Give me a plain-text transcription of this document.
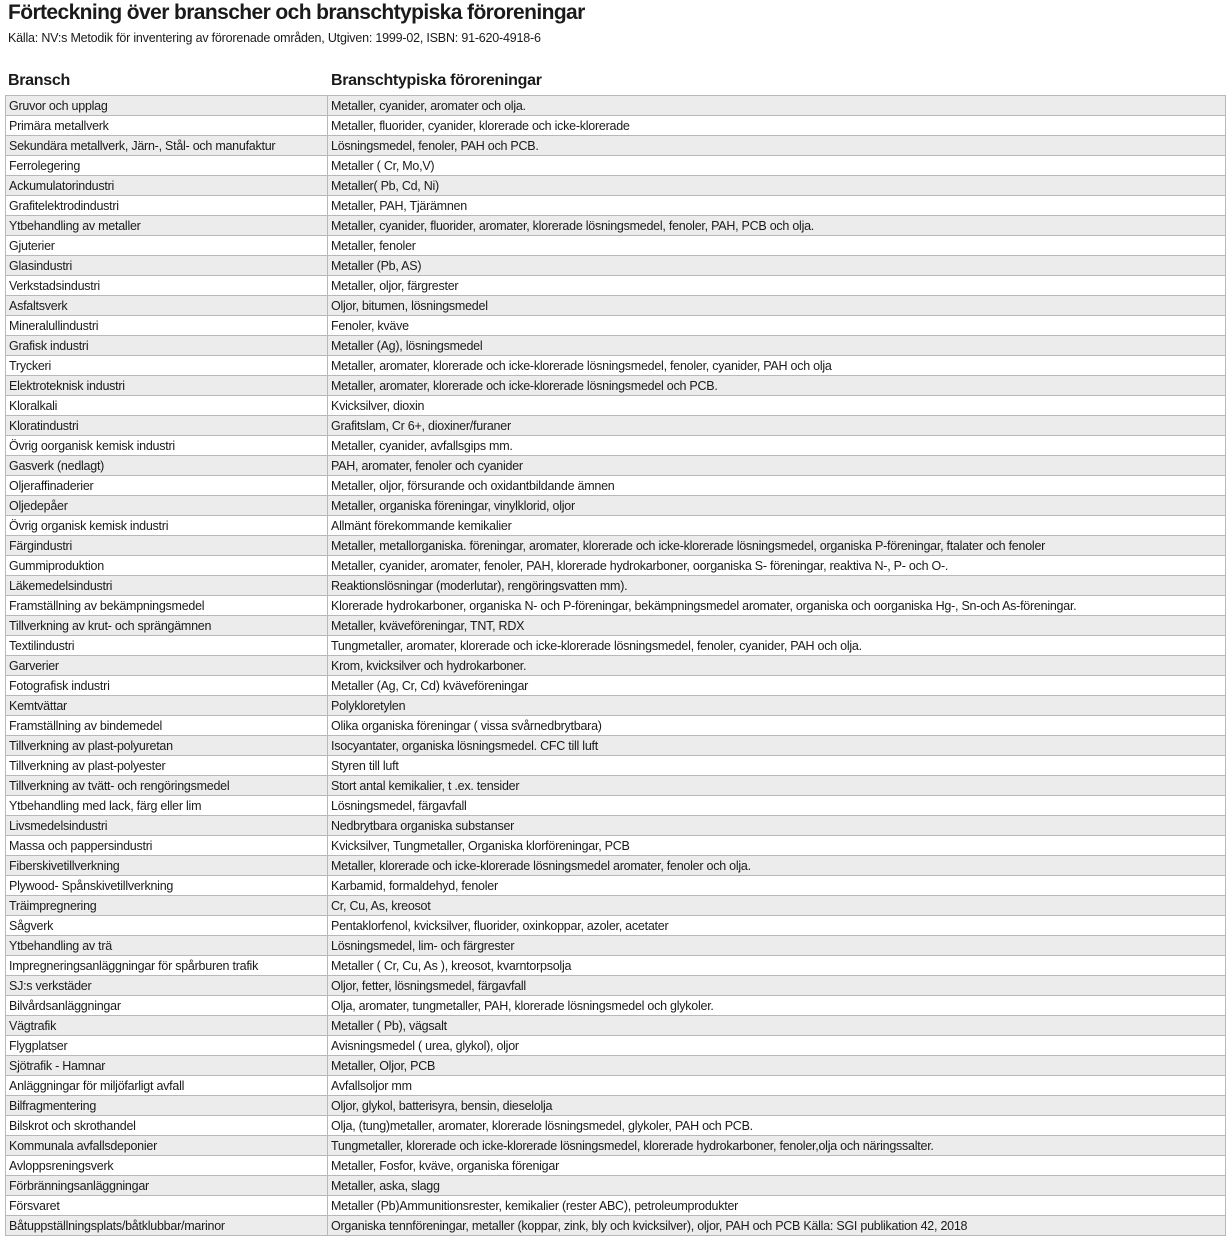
Förteckning över branscher och branschtypiska föroreningar
Källa: NV:s Metodik för inventering av förorenade områden, Utgiven: 1999-02, ISBN: 91-620-4918-6
Bransch	Branschtypiska föroreningar
Gruvor och upplag	Metaller, cyanider, aromater och olja.
Primära metallverk	Metaller, fluorider, cyanider, klorerade och icke-klorerade
Sekundära metallverk, Järn-, Stål- och manufaktur	Lösningsmedel, fenoler, PAH och PCB.
Ferrolegering	Metaller ( Cr, Mo,V)
Ackumulatorindustri	Metaller( Pb, Cd, Ni)
Grafitelektrodindustri	Metaller, PAH, Tjärämnen
Ytbehandling av metaller	Metaller, cyanider, fluorider, aromater, klorerade lösningsmedel, fenoler, PAH, PCB och olja.
Gjuterier	Metaller, fenoler
Glasindustri	Metaller (Pb, AS)
Verkstadsindustri	Metaller, oljor, färgrester
Asfaltsverk	Oljor, bitumen, lösningsmedel
Mineralullindustri	Fenoler, kväve
Grafisk industri	Metaller (Ag), lösningsmedel
Tryckeri	Metaller, aromater, klorerade och icke-klorerade lösningsmedel, fenoler, cyanider, PAH och olja
Elektroteknisk industri	Metaller, aromater, klorerade och icke-klorerade lösningsmedel och PCB.
Kloralkali	Kvicksilver, dioxin
Kloratindustri	Grafitslam, Cr 6+, dioxiner/furaner
Övrig oorganisk kemisk industri	Metaller, cyanider, avfallsgips mm.
Gasverk (nedlagt)	PAH, aromater, fenoler och cyanider
Oljeraffinaderier	Metaller, oljor, försurande och oxidantbildande ämnen
Oljedepåer	Metaller, organiska föreningar, vinylklorid, oljor
Övrig organisk kemisk industri	Allmänt förekommande kemikalier
Färgindustri	Metaller, metallorganiska. föreningar, aromater, klorerade och icke-klorerade lösningsmedel, organiska P-föreningar, ftalater och fenoler
Gummiproduktion	Metaller, cyanider, aromater, fenoler, PAH, klorerade hydrokarboner, oorganiska S- föreningar, reaktiva N-, P- och O-.
Läkemedelsindustri	Reaktionslösningar (moderlutar), rengöringsvatten mm).
Framställning av bekämpningsmedel	Klorerade hydrokarboner, organiska N- och P-föreningar, bekämpningsmedel aromater, organiska och oorganiska Hg-, Sn-och As-föreningar.
Tillverkning av krut- och sprängämnen	Metaller, kväveföreningar, TNT, RDX
Textilindustri	Tungmetaller, aromater, klorerade och icke-klorerade lösningsmedel, fenoler, cyanider, PAH och olja.
Garverier	Krom, kvicksilver och hydrokarboner.
Fotografisk industri	Metaller (Ag, Cr, Cd) kväveföreningar
Kemtvättar	Polykloretylen
Framställning av bindemedel	Olika organiska föreningar ( vissa svårnedbrytbara)
Tillverkning av plast-polyuretan	Isocyantater, organiska lösningsmedel. CFC till luft
Tillverkning av plast-polyester	Styren till luft
Tillverkning av tvätt- och rengöringsmedel	Stort antal kemikalier, t .ex. tensider
Ytbehandling med lack, färg eller lim	Lösningsmedel, färgavfall
Livsmedelsindustri	Nedbrytbara organiska substanser
Massa och pappersindustri	Kvicksilver, Tungmetaller, Organiska klorföreningar, PCB
Fiberskivetillverkning	Metaller, klorerade och icke-klorerade lösningsmedel aromater, fenoler och olja.
Plywood- Spånskivetillverkning	Karbamid, formaldehyd, fenoler
Träimpregnering	Cr, Cu, As, kreosot
Sågverk	Pentaklorfenol, kvicksilver, fluorider, oxinkoppar, azoler, acetater
Ytbehandling av trä	Lösningsmedel, lim- och färgrester
Impregneringsanläggningar för spårburen trafik	Metaller ( Cr, Cu, As ), kreosot, kvarntorpsolja
SJ:s verkstäder	Oljor, fetter, lösningsmedel, färgavfall
Bilvårdsanläggningar	Olja, aromater, tungmetaller, PAH, klorerade lösningsmedel och glykoler.
Vägtrafik	Metaller ( Pb), vägsalt
Flygplatser	Avisningsmedel ( urea, glykol), oljor
Sjötrafik - Hamnar	Metaller, Oljor, PCB
Anläggningar för miljöfarligt avfall	Avfallsoljor mm
Bilfragmentering	Oljor, glykol, batterisyra, bensin, dieselolja
Bilskrot och skrothandel	Olja, (tung)metaller, aromater, klorerade lösningsmedel, glykoler, PAH och PCB.
Kommunala avfallsdeponier	Tungmetaller, klorerade och icke-klorerade lösningsmedel, klorerade hydrokarboner, fenoler,olja och näringssalter.
Avloppsreningsverk	Metaller, Fosfor, kväve, organiska förenigar
Förbränningsanläggningar	Metaller, aska, slagg
Försvaret	Metaller (Pb)Ammunitionsrester, kemikalier (rester ABC), petroleumprodukter
Båtuppställningsplats/båtklubbar/marinor	Organiska tennföreningar, metaller (koppar, zink, bly och kvicksilver), oljor, PAH och PCB Källa: SGI publikation 42, 2018
